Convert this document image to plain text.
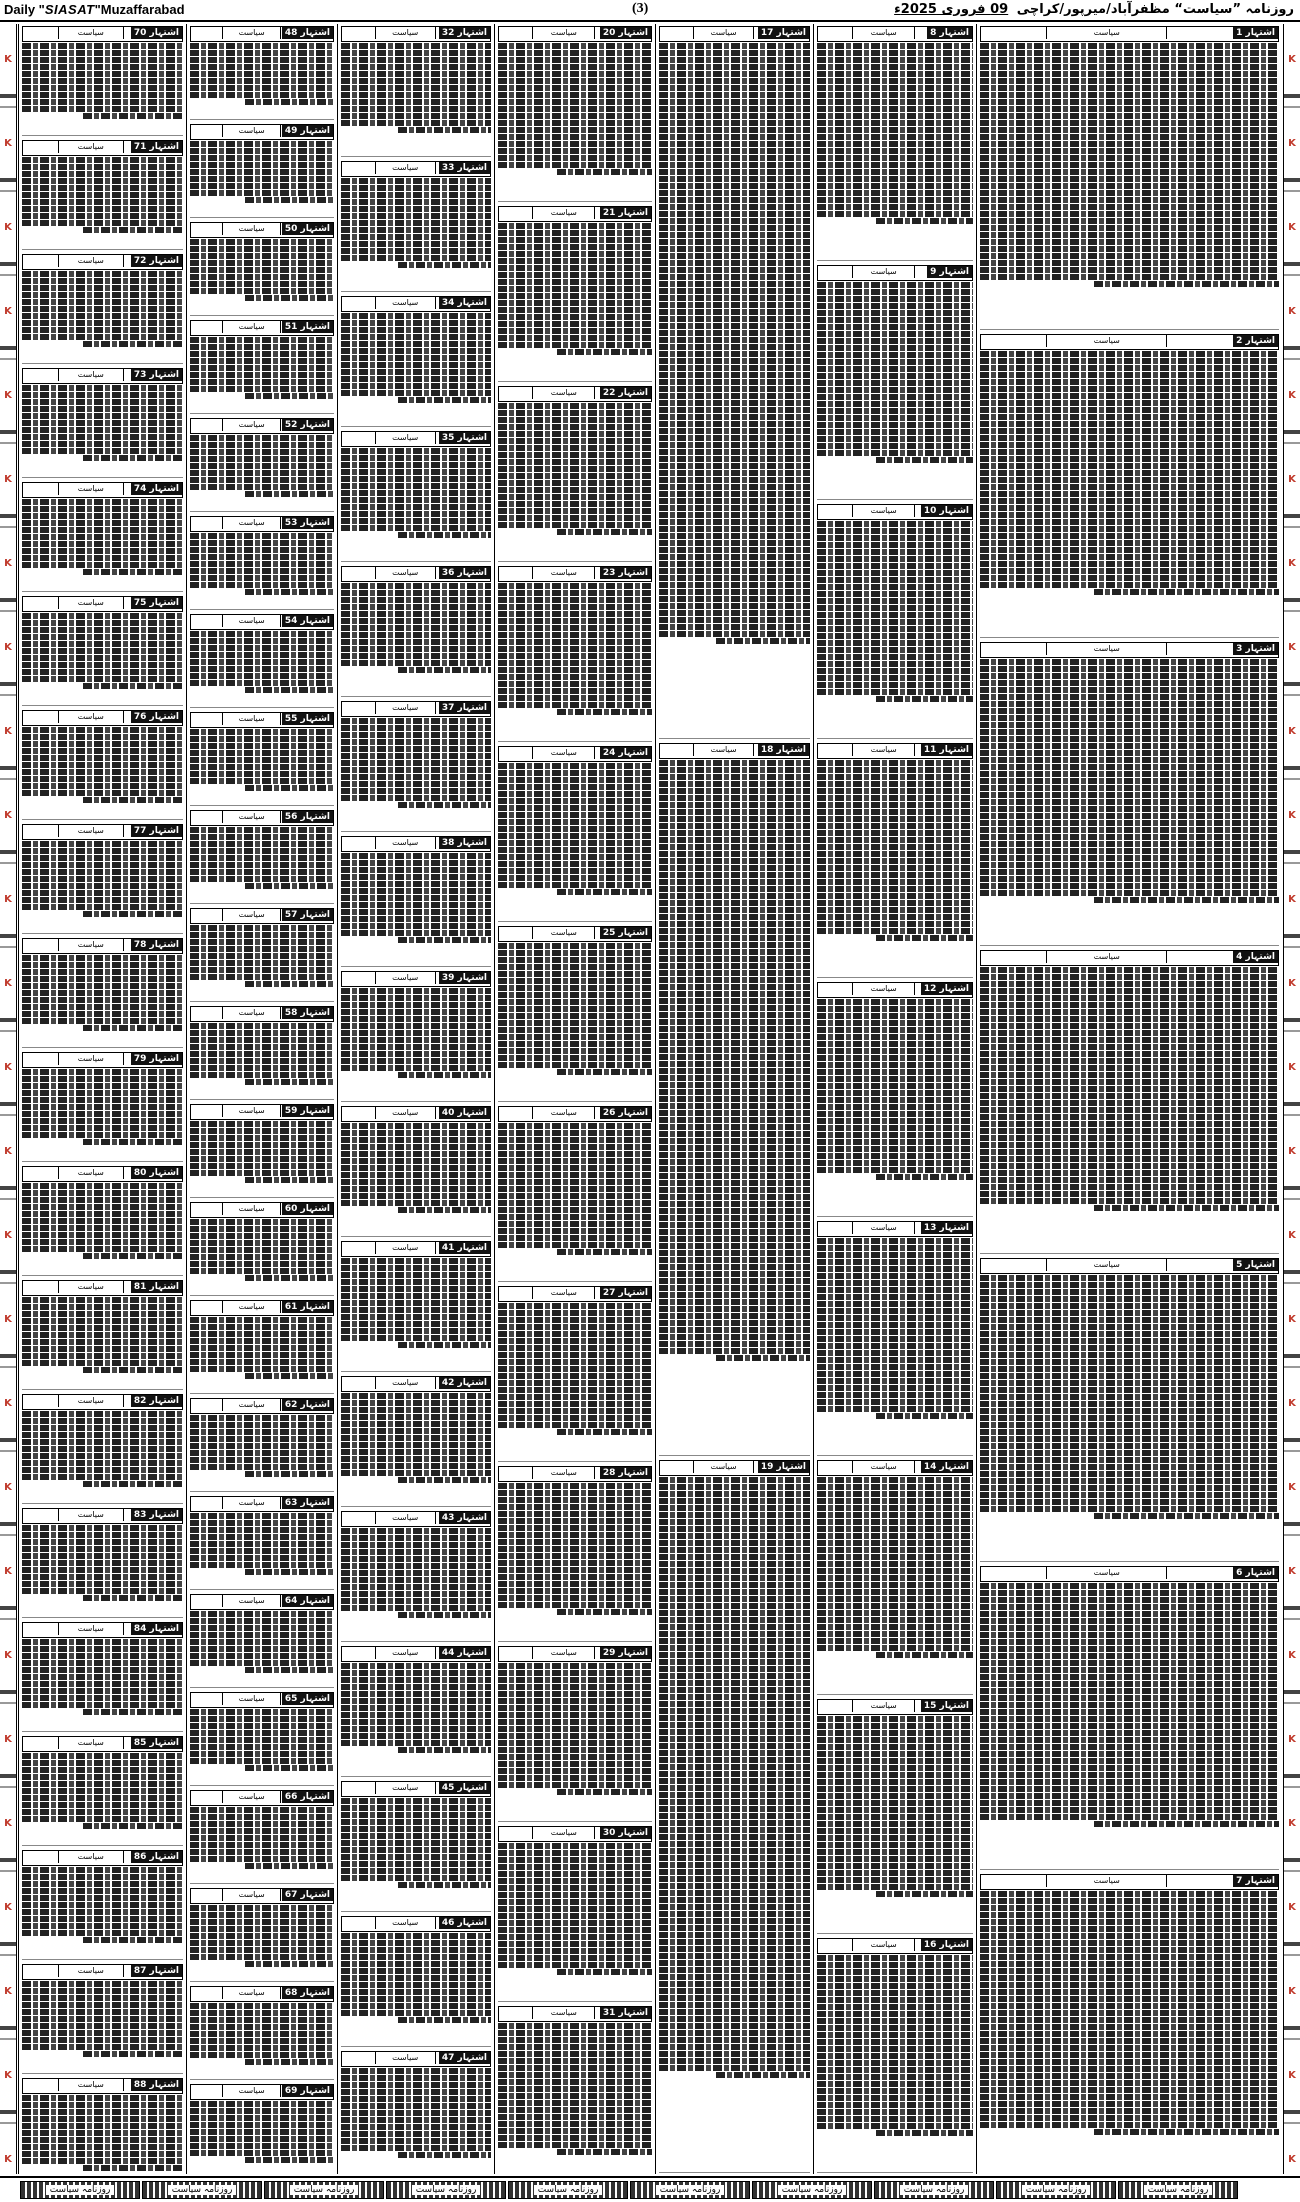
Daily "SIASAT"Muzaffarabad	(3)	روزنامہ ”سیاست“ مظفرآباد/میرپور/کراچی 09 فروری 2025ء
K
K
K
K
K
K
K
K
K
K
K
K
K
K
K
K
K
K
K
K
K
K
K
K
K
K
K
K
K
K
K
K
K
K
K
K
K
K
K
K
K
K
K
K
K
K
K
K
K
K
K
K
سیاست	اشتہار 70
سیاست	اشتہار 71
سیاست	اشتہار 72
سیاست	اشتہار 73
سیاست	اشتہار 74
سیاست	اشتہار 75
سیاست	اشتہار 76
سیاست	اشتہار 77
سیاست	اشتہار 78
سیاست	اشتہار 79
سیاست	اشتہار 80
سیاست	اشتہار 81
سیاست	اشتہار 82
سیاست	اشتہار 83
سیاست	اشتہار 84
سیاست	اشتہار 85
سیاست	اشتہار 86
سیاست	اشتہار 87
سیاست	اشتہار 88
سیاست	اشتہار 48
سیاست	اشتہار 49
سیاست	اشتہار 50
سیاست	اشتہار 51
سیاست	اشتہار 52
سیاست	اشتہار 53
سیاست	اشتہار 54
سیاست	اشتہار 55
سیاست	اشتہار 56
سیاست	اشتہار 57
سیاست	اشتہار 58
سیاست	اشتہار 59
سیاست	اشتہار 60
سیاست	اشتہار 61
سیاست	اشتہار 62
سیاست	اشتہار 63
سیاست	اشتہار 64
سیاست	اشتہار 65
سیاست	اشتہار 66
سیاست	اشتہار 67
سیاست	اشتہار 68
سیاست	اشتہار 69
سیاست	اشتہار 32
سیاست	اشتہار 33
سیاست	اشتہار 34
سیاست	اشتہار 35
سیاست	اشتہار 36
سیاست	اشتہار 37
سیاست	اشتہار 38
سیاست	اشتہار 39
سیاست	اشتہار 40
سیاست	اشتہار 41
سیاست	اشتہار 42
سیاست	اشتہار 43
سیاست	اشتہار 44
سیاست	اشتہار 45
سیاست	اشتہار 46
سیاست	اشتہار 47
سیاست	اشتہار 20
سیاست	اشتہار 21
سیاست	اشتہار 22
سیاست	اشتہار 23
سیاست	اشتہار 24
سیاست	اشتہار 25
سیاست	اشتہار 26
سیاست	اشتہار 27
سیاست	اشتہار 28
سیاست	اشتہار 29
سیاست	اشتہار 30
سیاست	اشتہار 31
سیاست	اشتہار 17
سیاست	اشتہار 18
سیاست	اشتہار 19
سیاست	اشتہار 8
سیاست	اشتہار 9
سیاست	اشتہار 10
سیاست	اشتہار 11
سیاست	اشتہار 12
سیاست	اشتہار 13
سیاست	اشتہار 14
سیاست	اشتہار 15
سیاست	اشتہار 16
سیاست	اشتہار 1
سیاست	اشتہار 2
سیاست	اشتہار 3
سیاست	اشتہار 4
سیاست	اشتہار 5
سیاست	اشتہار 6
سیاست	اشتہار 7
روزنامہ سیاست	روزنامہ سیاست	روزنامہ سیاست	روزنامہ سیاست	روزنامہ سیاست	روزنامہ سیاست	روزنامہ سیاست	روزنامہ سیاست	روزنامہ سیاست	روزنامہ سیاست
